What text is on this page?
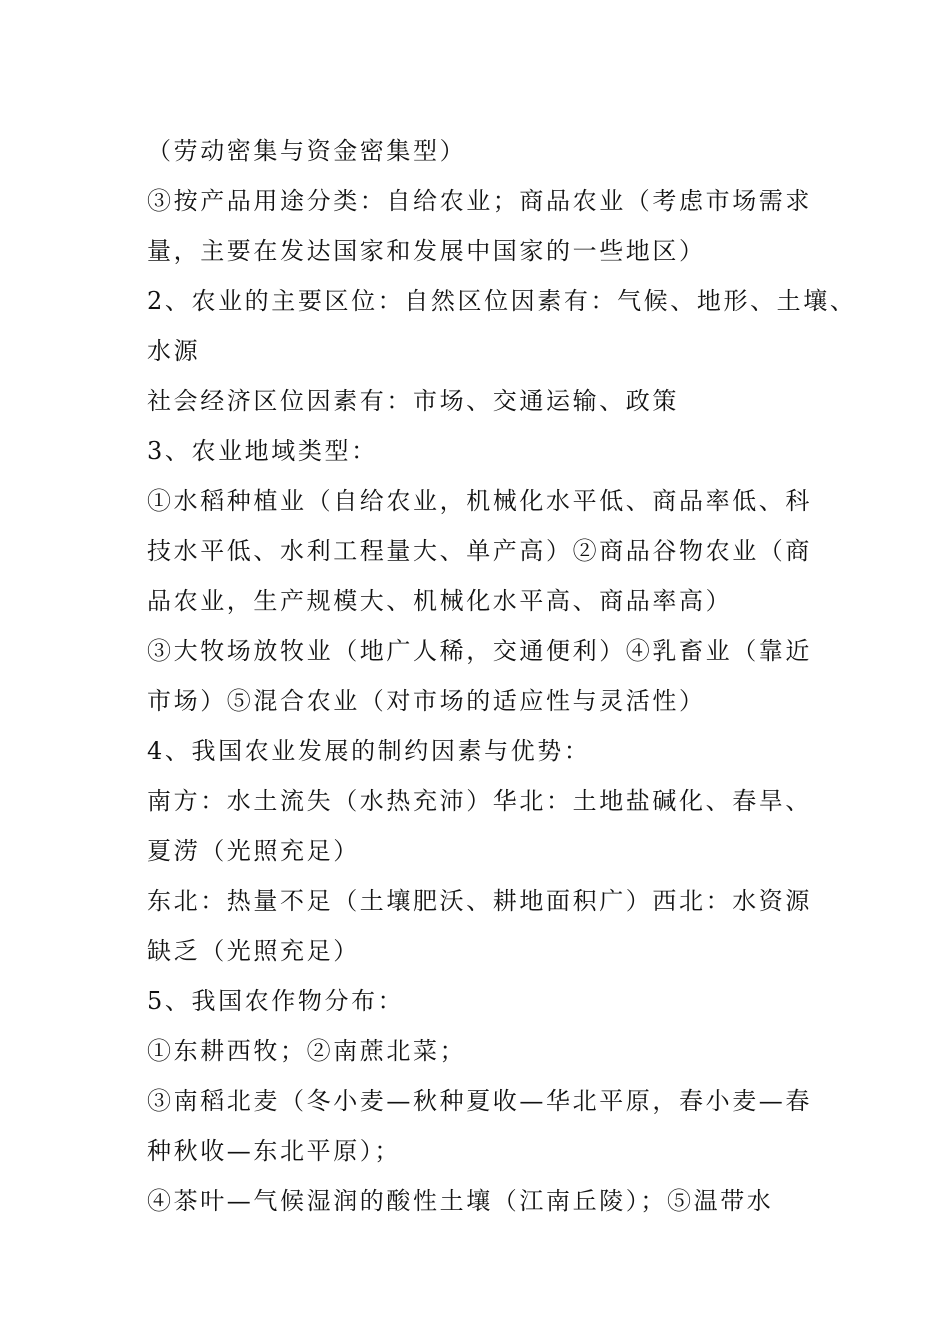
（劳动密集与资金密集型）
③按产品用途分类：自给农业；商品农业（考虑市场需求
量，主要在发达国家和发展中国家的一些地区）
2、农业的主要区位：自然区位因素有：气候、地形、土壤、
水源
社会经济区位因素有：市场、交通运输、政策
3、农业地域类型：
①水稻种植业（自给农业，机械化水平低、商品率低、科
技水平低、水利工程量大、单产高）②商品谷物农业（商
品农业，生产规模大、机械化水平高、商品率高）
③大牧场放牧业（地广人稀，交通便利）④乳畜业（靠近
市场）⑤混合农业（对市场的适应性与灵活性）
4、我国农业发展的制约因素与优势：
南方：水土流失（水热充沛）华北：土地盐碱化、春旱、
夏涝（光照充足）
东北：热量不足（土壤肥沃、耕地面积广）西北：水资源
缺乏（光照充足）
5、我国农作物分布：
①东耕西牧；②南蔗北菜；
③南稻北麦（冬小麦—秋种夏收—华北平原，春小麦—春
种秋收—东北平原）；
④茶叶—气候湿润的酸性土壤（江南丘陵）；⑤温带水
